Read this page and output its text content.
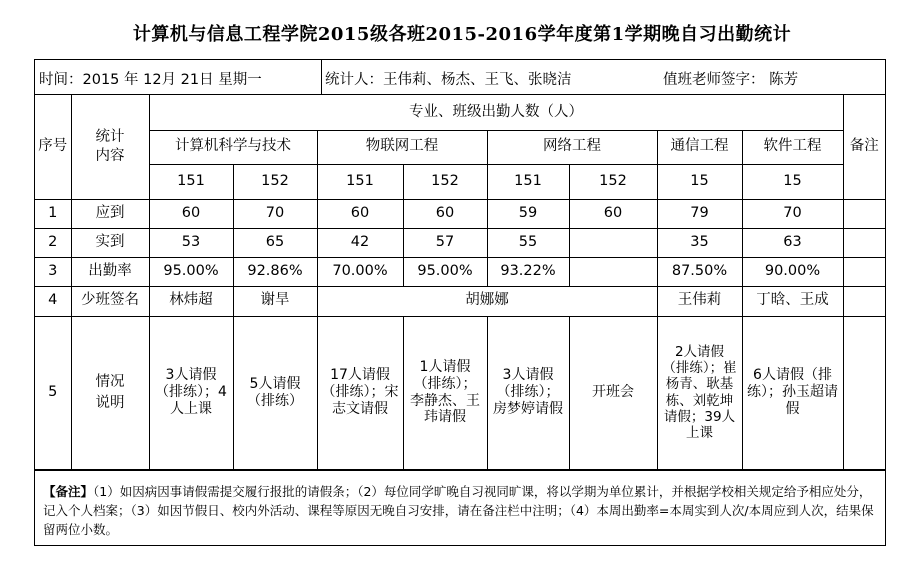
计算机与信息工程学院2015级各班2015-2016学年度第1学期晚自习出勤统计
时间：2015 年 12月 21日 星期一	统计人：王伟莉、杨杰、王飞、张晓洁	值班老师签字： 陈芳
序号	统计内容	专业、班级出勤人数（人）								备注
		计算机科学与技术		物联网工程		网络工程		通信工程	软件工程	
		151	152	151	152	151	152	15	15	
1	应到	60	70	60	60	59	60	79	70	
2	实到	53	65	42	57	55		35	63	
3	出勤率	95.00%	92.86%	70.00%	95.00%	93.22%		87.50%	90.00%	
4	少班签名	林炜超	谢旱	胡娜娜				王伟莉	丁晗、王成	
5	情况说明	3人请假（排练）；4人上课	5人请假（排练）	17人请假（排练）；宋志文请假	1人请假（排练）；李静杰、王玮请假	3人请假（排练）；房梦婷请假	开班会	2人请假（排练）；崔杨青、耿基栋、刘乾坤请假；39人上课	6人请假（排练）；孙玉超请假	
【备注】（1）如因病因事请假需提交履行报批的请假条；（2）每位同学旷晚自习视同旷课，将以学期为单位累计，并根据学校相关规定给予相应处分，记入个人档案；（3）如因节假日、校内外活动、课程等原因无晚自习安排，请在备注栏中注明；（4）本周出勤率=本周实到人次/本周应到人次，结果保留两位小数。
